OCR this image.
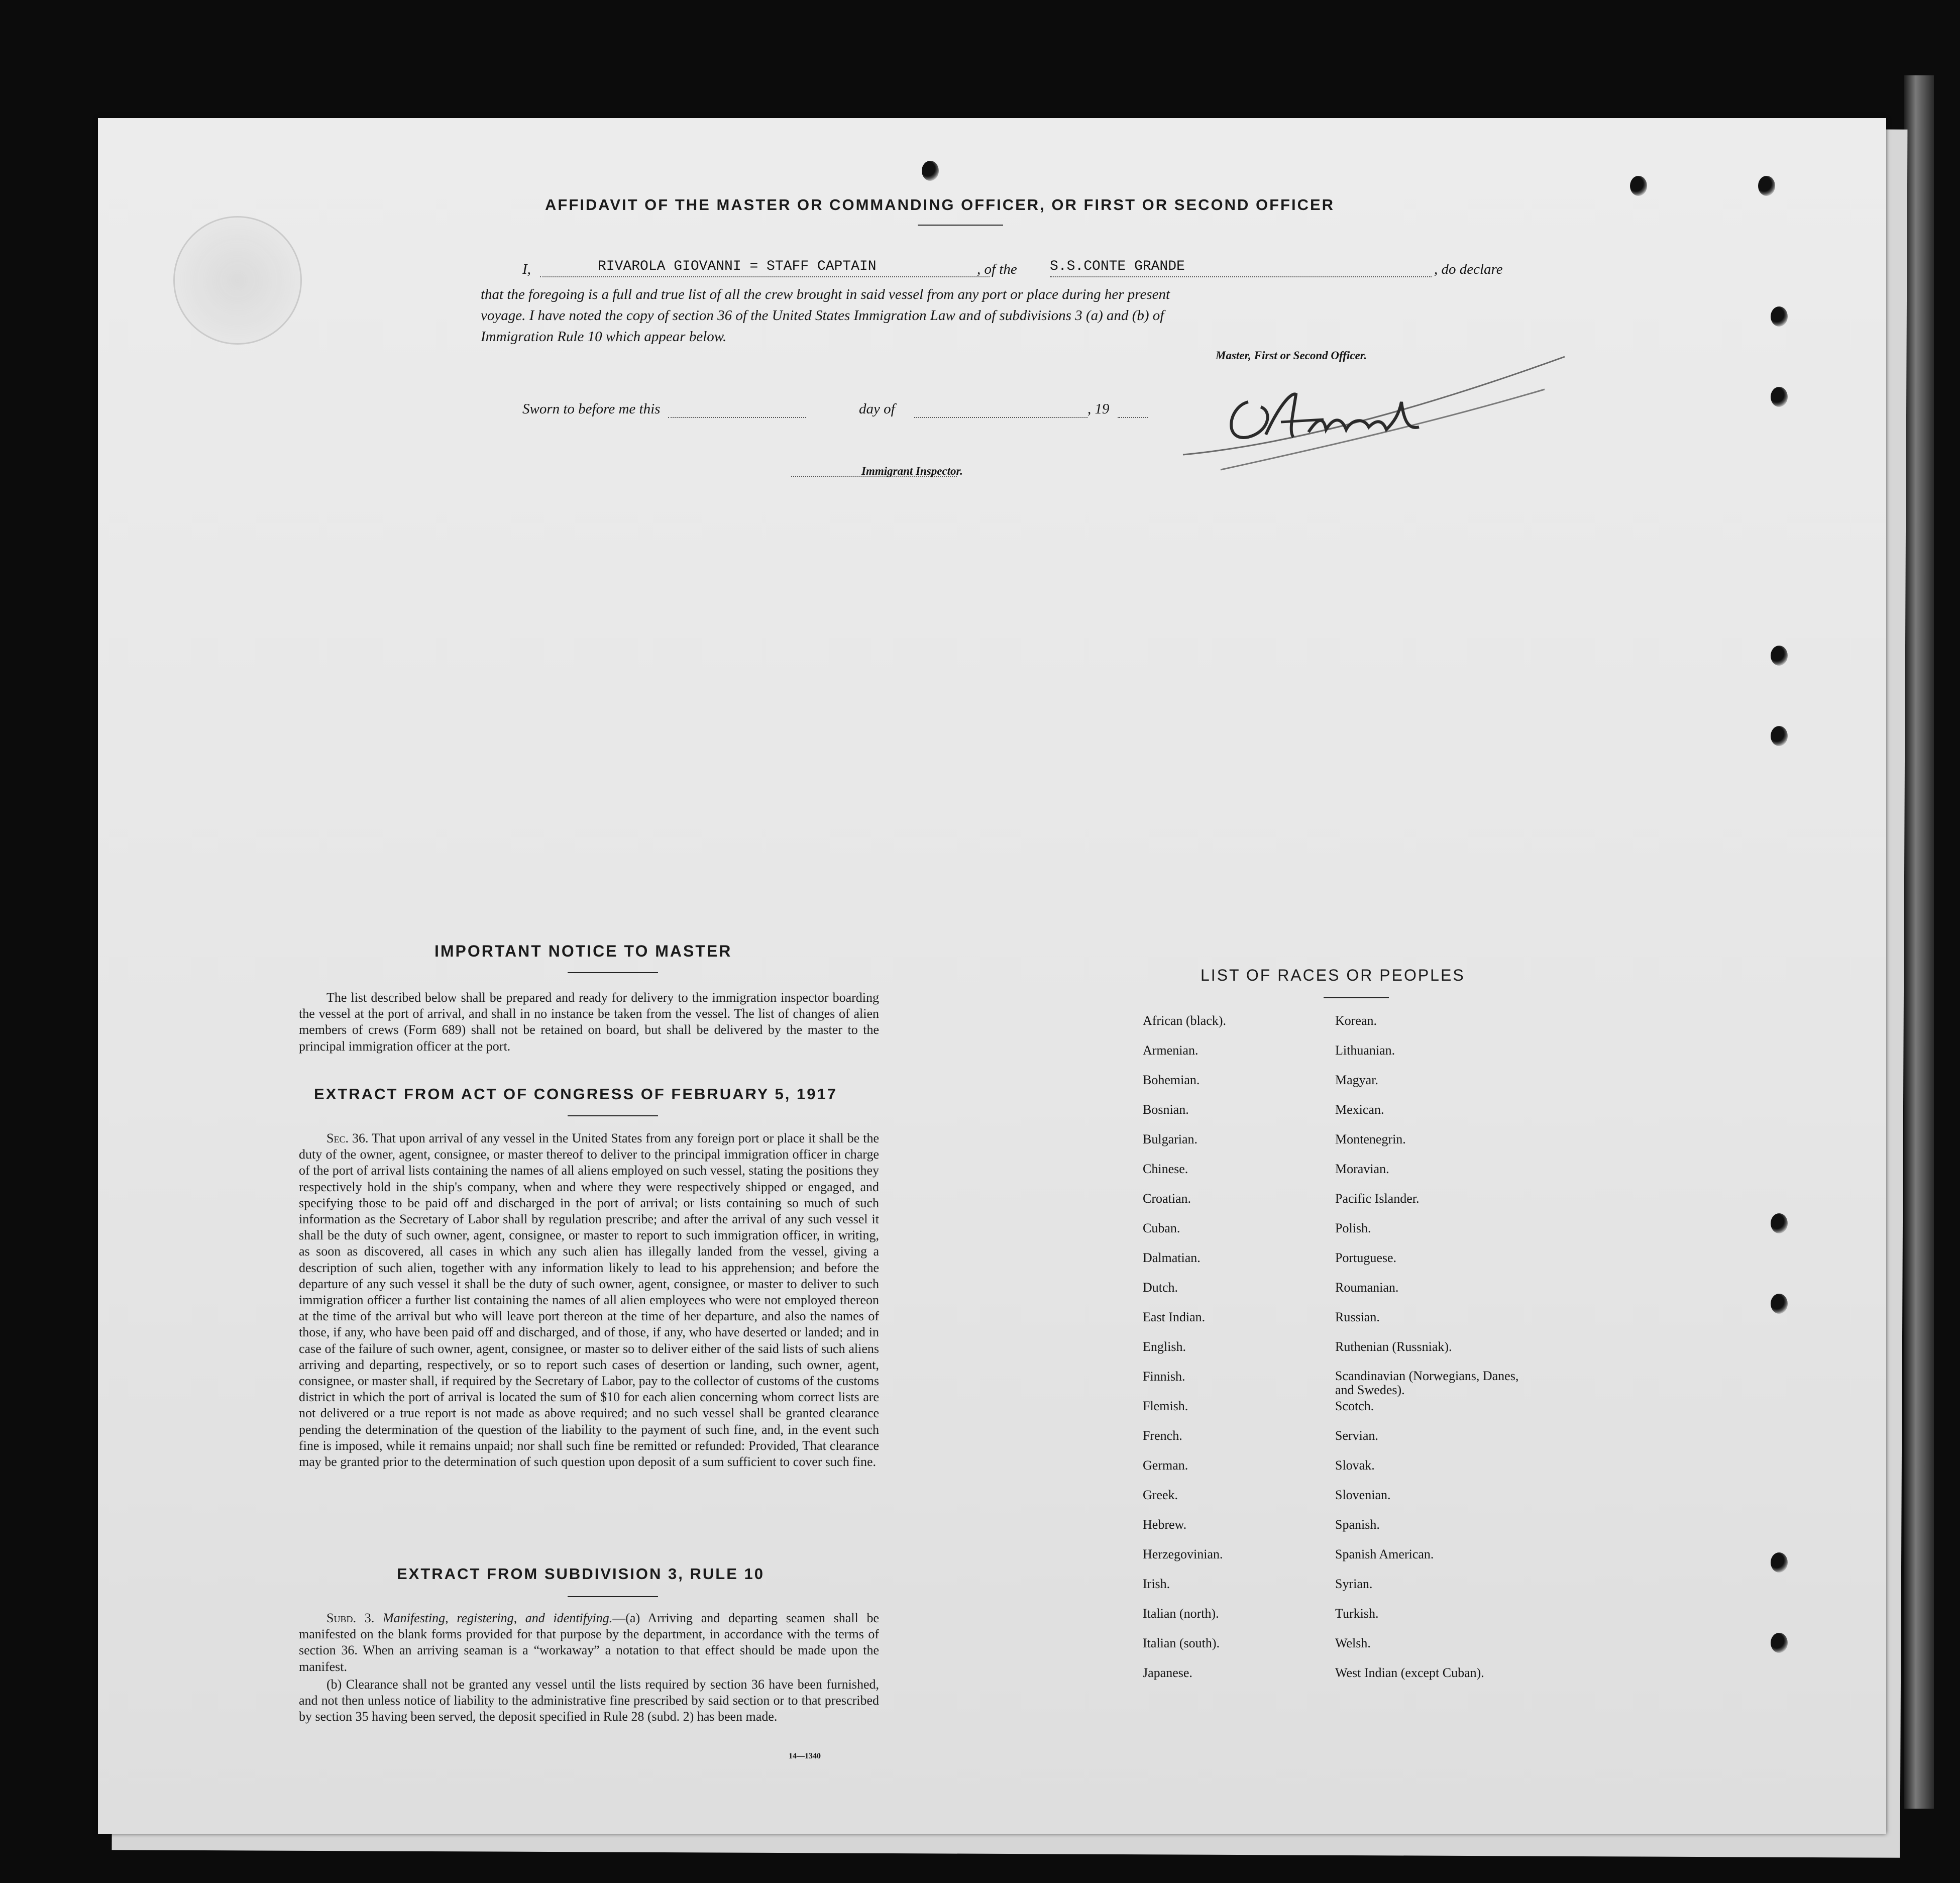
AFFIDAVIT OF THE MASTER OR COMMANDING OFFICER, OR FIRST OR SECOND OFFICER
I,	RIVAROLA GIOVANNI = STAFF CAPTAIN	, of the S.S.CONTE GRANDE	, do declare
that the foregoing is a full and true list of all the crew brought in said vessel from any port or place during her present
voyage. I have noted the copy of section 36 of the United States Immigration Law and of subdivisions 3 (a) and (b) of
Immigration Rule 10 which appear below.
Master, First or Second Officer.
Sworn to before me this	day of	, 19
Immigrant Inspector.
IMPORTANT NOTICE TO MASTER
The list described below shall be prepared and ready for delivery to the immigration inspector boarding the vessel at the port of arrival, and shall in no instance be taken from the vessel. The list of changes of alien members of crews (Form 689) shall not be retained on board, but shall be delivered by the master to the principal immigration officer at the port.
EXTRACT FROM ACT OF CONGRESS OF FEBRUARY 5, 1917
Sec. 36. That upon arrival of any vessel in the United States from any foreign port or place it shall be the duty of the owner, agent, consignee, or master thereof to deliver to the principal immigration officer in charge of the port of arrival lists containing the names of all aliens employed on such vessel, stating the positions they respectively hold in the ship's company, when and where they were respectively shipped or engaged, and specifying those to be paid off and discharged in the port of arrival; or lists containing so much of such information as the Secretary of Labor shall by regulation prescribe; and after the arrival of any such vessel it shall be the duty of such owner, agent, consignee, or master to report to such immigration officer, in writing, as soon as discovered, all cases in which any such alien has illegally landed from the vessel, giving a description of such alien, together with any information likely to lead to his apprehension; and before the departure of any such vessel it shall be the duty of such owner, agent, consignee, or master to deliver to such immigration officer a further list containing the names of all alien employees who were not employed thereon at the time of the arrival but who will leave port thereon at the time of her departure, and also the names of those, if any, who have been paid off and discharged, and of those, if any, who have deserted or landed; and in case of the failure of such owner, agent, consignee, or master so to deliver either of the said lists of such aliens arriving and departing, respectively, or so to report such cases of desertion or landing, such owner, agent, consignee, or master shall, if required by the Secretary of Labor, pay to the collector of customs of the customs district in which the port of arrival is located the sum of $10 for each alien concerning whom correct lists are not delivered or a true report is not made as above required; and no such vessel shall be granted clearance pending the determination of the question of the liability to the payment of such fine, and, in the event such fine is imposed, while it remains unpaid; nor shall such fine be remitted or refunded: Provided, That clearance may be granted prior to the determination of such question upon deposit of a sum sufficient to cover such fine.
EXTRACT FROM SUBDIVISION 3, RULE 10
Subd. 3. Manifesting, registering, and identifying.—(a) Arriving and departing seamen shall be manifested on the blank forms provided for that purpose by the department, in accordance with the terms of section 36. When an arriving seaman is a “workaway” a notation to that effect should be made upon the manifest.
(b) Clearance shall not be granted any vessel until the lists required by section 36 have been furnished, and not then unless notice of liability to the administrative fine prescribed by said section or to that prescribed by section 35 having been served, the deposit specified in Rule 28 (subd. 2) has been made.
14—1340
LIST OF RACES OR PEOPLES
African (black).	Korean.
Armenian.	Lithuanian.
Bohemian.	Magyar.
Bosnian.	Mexican.
Bulgarian.	Montenegrin.
Chinese.	Moravian.
Croatian.	Pacific Islander.
Cuban.	Polish.
Dalmatian.	Portuguese.
Dutch.	Roumanian.
East Indian.	Russian.
English.	Ruthenian (Russniak).
Finnish.	Scandinavian (Norwegians, Danes, and Swedes).
Flemish.	Scotch.
French.	Servian.
German.	Slovak.
Greek.	Slovenian.
Hebrew.	Spanish.
Herzegovinian.	Spanish American.
Irish.	Syrian.
Italian (north).	Turkish.
Italian (south).	Welsh.
Japanese.	West Indian (except Cuban).
